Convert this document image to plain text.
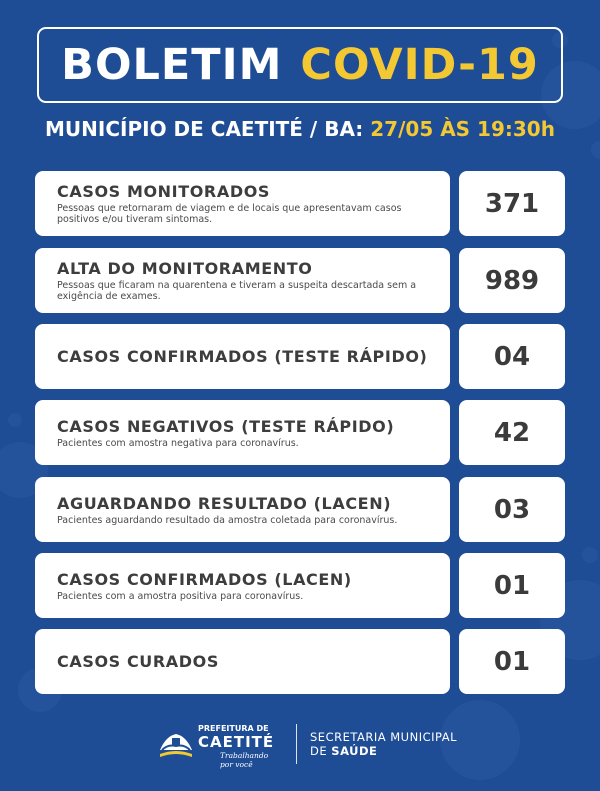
BOLETIM COVID-19
MUNICÍPIO DE CAETITÉ / BA: 27/05 ÀS 19:30h
CASOS MONITORADOS
Pessoas que retornaram de viagem e de locais que apresentavam casos positivos e/ou tiveram sintomas.
371
ALTA DO MONITORAMENTO
Pessoas que ficaram na quarentena e tiveram a suspeita descartada sem a exigência de exames.
989
CASOS CONFIRMADOS (TESTE RÁPIDO)	04
CASOS NEGATIVOS (TESTE RÁPIDO)
Pacientes com amostra negativa para coronavírus.	42
AGUARDANDO RESULTADO (LACEN)
Pacientes aguardando resultado da amostra coletada para coronavírus.	03
CASOS CONFIRMADOS (LACEN)
Pacientes com a amostra positiva para coronavírus.	01
CASOS CURADOS	01
PREFEITURA DE
CAETITÉ
Trabalhando por você
SECRETARIA MUNICIPAL
DE SAÚDE
